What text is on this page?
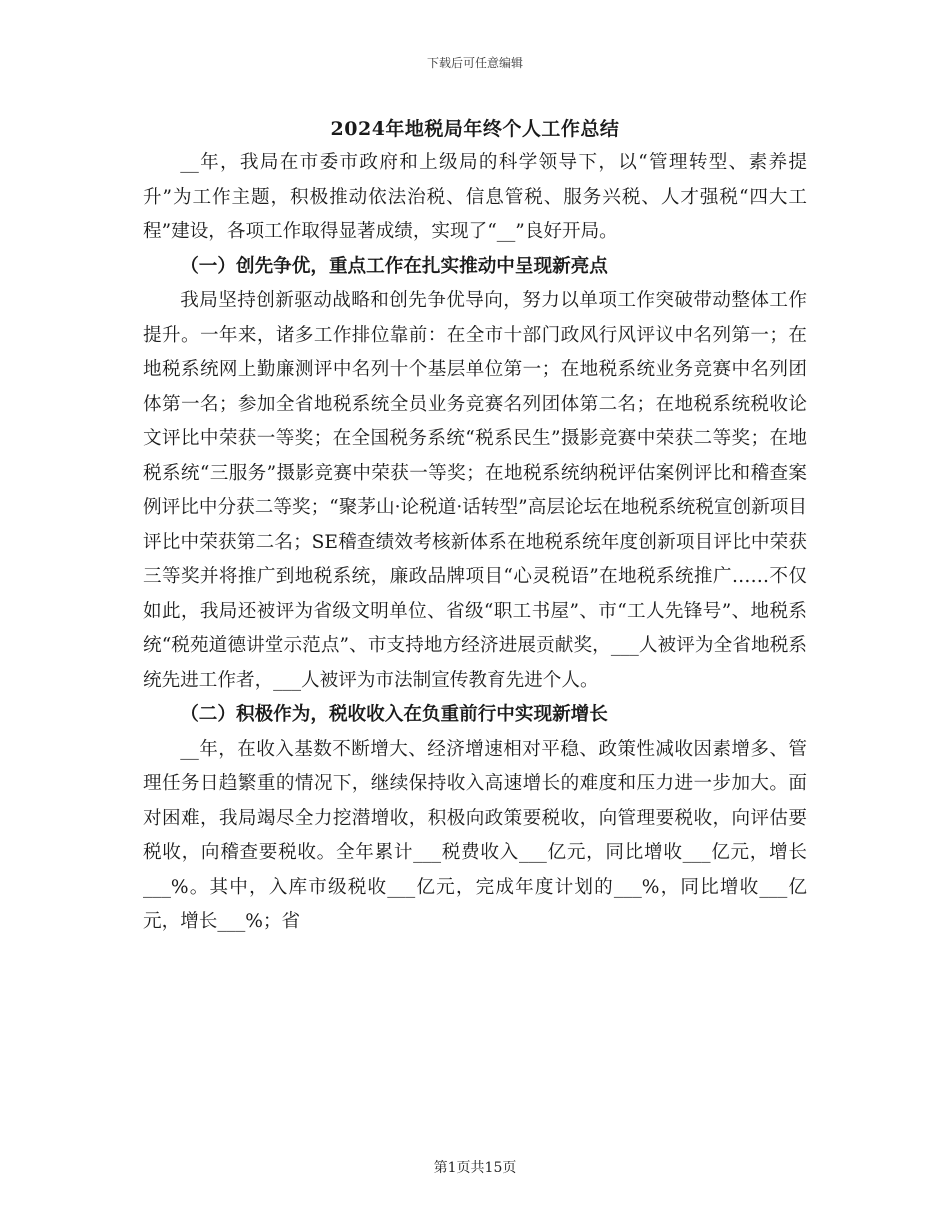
下载后可任意编辑
2024年地税局年终个人工作总结

__年，我局在市委市政府和上级局的科学领导下，以“管理转型、素养提升”为工作主题，积极推动依法治税、信息管税、服务兴税、人才强税“四大工程”建设，各项工作取得显著成绩，实现了“__”良好开局。

（一）创先争优，重点工作在扎实推动中呈现新亮点

我局坚持创新驱动战略和创先争优导向，努力以单项工作突破带动整体工作提升。一年来，诸多工作排位靠前：在全市十部门政风行风评议中名列第一；在地税系统网上勤廉测评中名列十个基层单位第一；在地税系统业务竞赛中名列团体第一名；参加全省地税系统全员业务竞赛名列团体第二名；在地税系统税收论文评比中荣获一等奖；在全国税务系统“税系民生”摄影竞赛中荣获二等奖；在地税系统“三服务”摄影竞赛中荣获一等奖；在地税系统纳税评估案例评比和稽查案例评比中分获二等奖；“聚茅山·论税道·话转型”高层论坛在地税系统税宣创新项目评比中荣获第二名；SE稽查绩效考核新体系在地税系统年度创新项目评比中荣获三等奖并将推广到地税系统，廉政品牌项目“心灵税语”在地税系统推广……不仅如此，我局还被评为省级文明单位、省级“职工书屋”、市“工人先锋号”、地税系统“税苑道德讲堂示范点”、市支持地方经济进展贡献奖，___人被评为全省地税系统先进工作者，___人被评为市法制宣传教育先进个人。

（二）积极作为，税收收入在负重前行中实现新增长

__年，在收入基数不断增大、经济增速相对平稳、政策性减收因素增多、管理任务日趋繁重的情况下，继续保持收入高速增长的难度和压力进一步加大。面对困难，我局竭尽全力挖潜增收，积极向政策要税收，向管理要税收，向评估要税收，向稽查要税收。全年累计___税费收入___亿元，同比增收___亿元，增长___%。其中，入库市级税收___亿元，完成年度计划的___%，同比增收___亿元，增长___%；省

第1页共15页
